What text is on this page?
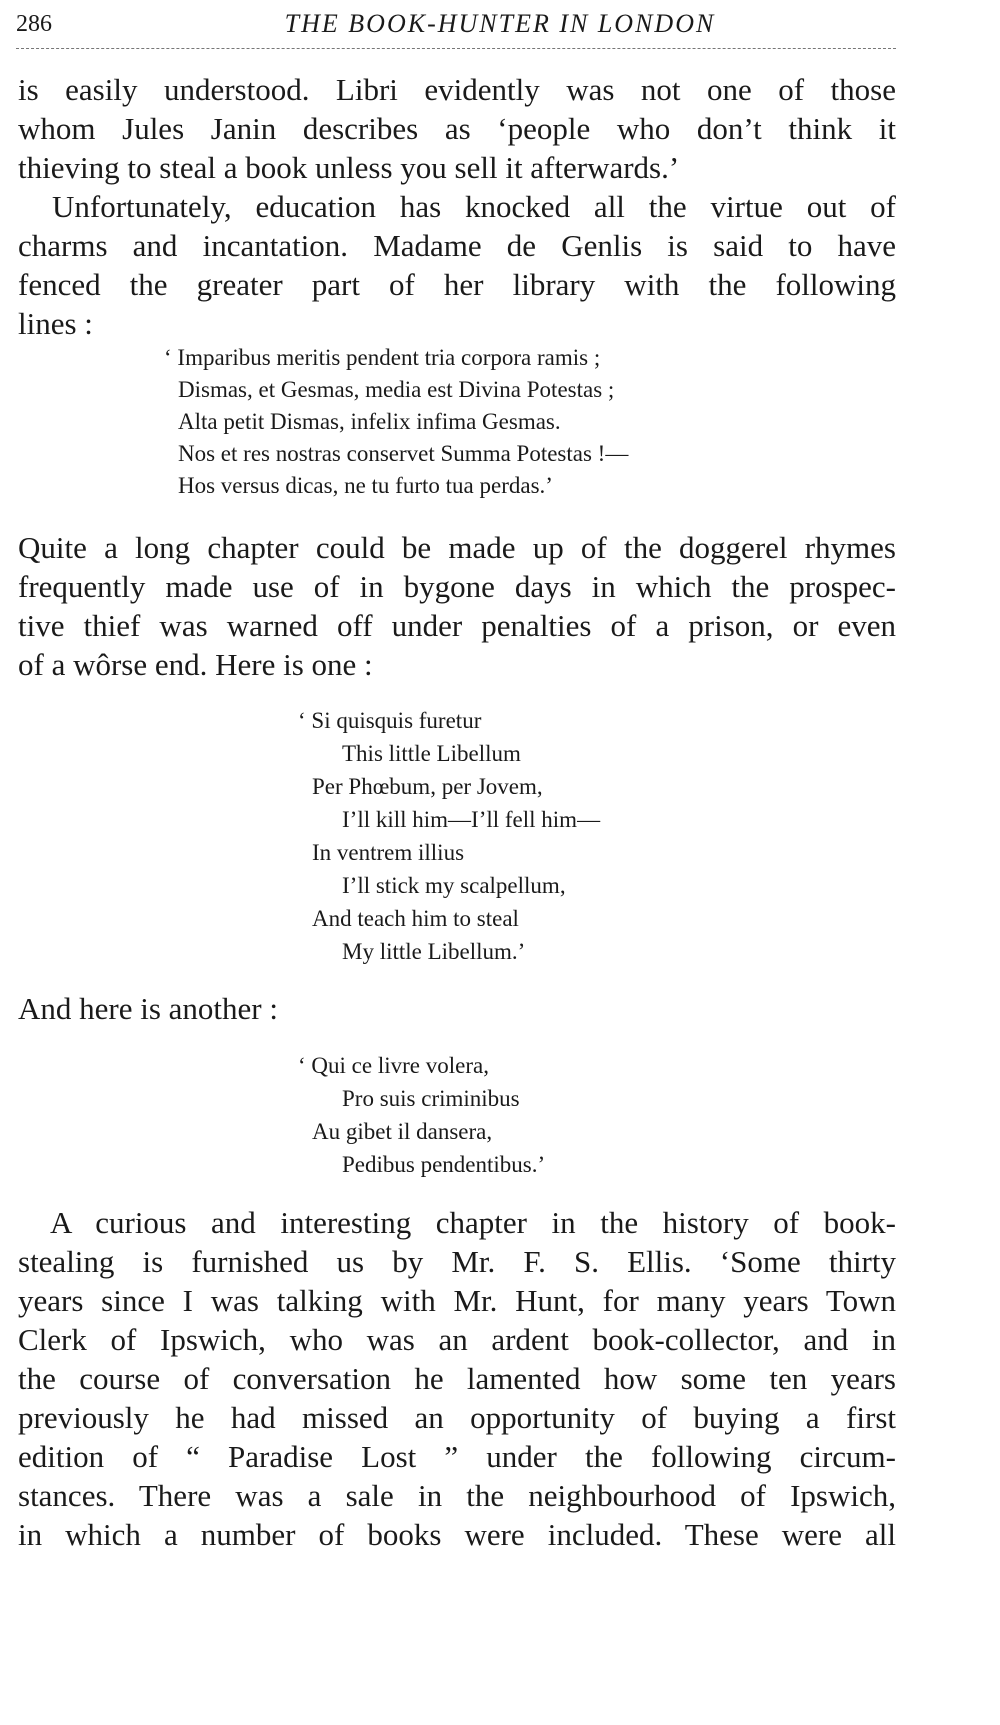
286	THE BOOK-HUNTER IN LONDON
is easily understood. Libri evidently was not one of those
whom Jules Janin describes as ‘people who don’t think it
thieving to steal a book unless you sell it afterwards.’
Unfortunately, education has knocked all the virtue out of
charms and incantation. Madame de Genlis is said to have
fenced the greater part of her library with the following
lines :
‘ Imparibus meritis pendent tria corpora ramis ;
Dismas, et Gesmas, media est Divina Potestas ;
Alta petit Dismas, infelix infima Gesmas.
Nos et res nostras conservet Summa Potestas !—
Hos versus dicas, ne tu furto tua perdas.’
Quite a long chapter could be made up of the doggerel rhymes
frequently made use of in bygone days in which the prospec-
tive thief was warned off under penalties of a prison, or even
of a wôrse end. Here is one :
‘ Si quisquis furetur
This little Libellum
Per Phœbum, per Jovem,
I’ll kill him—I’ll fell him—
In ventrem illius
I’ll stick my scalpellum,
And teach him to steal
My little Libellum.’
And here is another :
‘ Qui ce livre volera,
Pro suis criminibus
Au gibet il dansera,
Pedibus pendentibus.’
A curious and interesting chapter in the history of book-
stealing is furnished us by Mr. F. S. Ellis. ‘Some thirty
years since I was talking with Mr. Hunt, for many years Town
Clerk of Ipswich, who was an ardent book-collector, and in
the course of conversation he lamented how some ten years
previously he had missed an opportunity of buying a first
edition of “ Paradise Lost ” under the following circum-
stances. There was a sale in the neighbourhood of Ipswich,
in which a number of books were included. These were all
